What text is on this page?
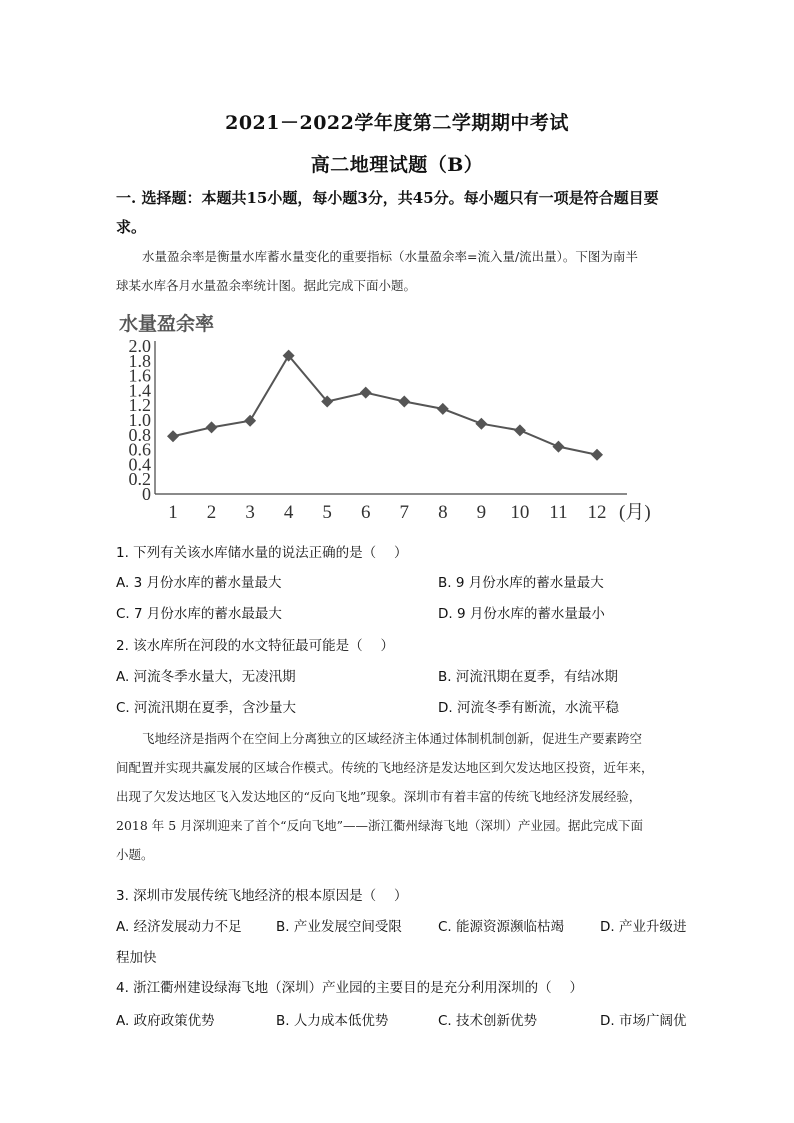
2021－2022学年度第二学期期中考试
高二地理试题（B）
一. 选择题：本题共15小题，每小题3分，共45分。每小题只有一项是符合题目要
求。
水量盈余率是衡量水库蓄水量变化的重要指标（水量盈余率=流入量/流出量）。下图为南半
球某水库各月水量盈余率统计图。据此完成下面小题。
水量盈余率
0
0.2
0.4
0.6
0.8
1.0
1.2
1.4
1.6
1.8
2.0
1 2 3 4 5 6 7 8 9 10 11 12 (月)
1. 下列有关该水库储水量的说法正确的是（　 ）
A. 3 月份水库的蓄水量最大	B. 9 月份水库的蓄水量最大
C. 7 月份水库的蓄水最最大	D. 9 月份水库的蓄水量最小
2. 该水库所在河段的水文特征最可能是（　 ）
A. 河流冬季水量大，无凌汛期	B. 河流汛期在夏季，有结冰期
C. 河流汛期在夏季，含沙量大	D. 河流冬季有断流，水流平稳
飞地经济是指两个在空间上分离独立的区域经济主体通过体制机制创新，促进生产要素跨空
间配置并实现共赢发展的区域合作模式。传统的飞地经济是发达地区到欠发达地区投资，近年来，
出现了欠发达地区飞入发达地区的“反向飞地”现象。深圳市有着丰富的传统飞地经济发展经验，
2018 年 5 月深圳迎来了首个“反向飞地”——浙江衢州绿海飞地（深圳）产业园。据此完成下面
小题。
3. 深圳市发展传统飞地经济的根本原因是（　 ）
A. 经济发展动力不足	B. 产业发展空间受限	C. 能源资源濒临枯竭	D. 产业升级进
程加快
4. 浙江衢州建设绿海飞地（深圳）产业园的主要目的是充分利用深圳的（　 ）
A. 政府政策优势	B. 人力成本低优势	C. 技术创新优势	D. 市场广阔优
